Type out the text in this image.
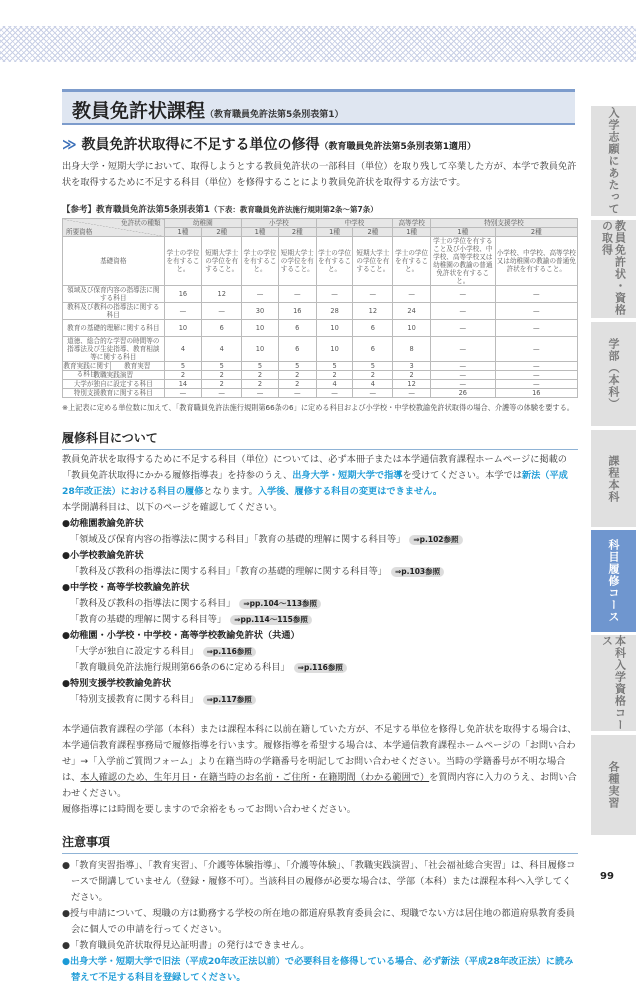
教員免許状課程（教育職員免許法第5条別表第1）
≫ 教員免許状取得に不足する単位の修得（教育職員免許法第5条別表第1適用）
出身大学・短期大学において、取得しようとする教員免許状の一部科目（単位）を取り残して卒業した方が、本学で教員免許状を取得するために不足する科目（単位）を修得することにより教員免許状を取得する方法です。
【参考】教育職員免許法第5条別表第1（下表：教育職員免許法施行規則第2条〜第7条）
免許状の種類
所要資格	幼稚園		小学校		中学校		高等学校	特別支援学校	
	1種	2種	1種	2種	1種	2種	1種	1種	2種
基礎資格	学士の学位を有すること。	短期大学士の学位を有すること。	学士の学位を有すること。	短期大学士の学位を有すること。	学士の学位を有すること。	短期大学士の学位を有すること。	学士の学位を有すること。	学士の学位を有すること及び小学校、中学校、高等学校又は幼稚園の教諭の普通免許状を有すること。	小学校、中学校、高等学校又は幼稚園の教諭の普通免許状を有すること。
領域及び保育内容の指導法に関する科目	16	12	—	—	—	—	—	—	—
教科及び教科の指導法に関する科目	—	—	30	16	28	12	24	—	—
教育の基礎的理解に関する科目	10	6	10	6	10	6	10	—	—
道徳、総合的な学習の時間等の指導法及び生徒指導、教育相談等に関する科目	4	4	10	6	10	6	8	—	—

教育実践に関する科目
教育実習	5	5	5	5	5	5	3	—	—
教職実践演習	2	2	2	2	2	2	2	—	—
大学が独自に設定する科目	14	2	2	2	4	4	12	—	—
特別支援教育に関する科目	—	—	—	—	—	—	—	26	16
※上記表に定める単位数に加えて、「教育職員免許法施行規則第66条の6」に定める科目および小学校・中学校教諭免許状取得の場合、介護等の体験を要する。
履修科目について
教員免許状を取得するために不足する科目（単位）については、必ず本冊子または本学通信教育課程ホームページに掲載の「教員免許状取得にかかる履修指導表」を持参のうえ、出身大学・短期大学で指導を受けてください。本学では新法（平成28年改正法）における科目の履修となります。入学後、履修する科目の変更はできません。
本学開講科目は、以下のページを確認してください。
●幼稚園教諭免許状
「領域及び保育内容の指導法に関する科目」「教育の基礎的理解に関する科目等」 ⇒p.102参照
●小学校教諭免許状
「教科及び教科の指導法に関する科目」「教育の基礎的理解に関する科目等」 ⇒p.103参照
●中学校・高等学校教諭免許状
「教科及び教科の指導法に関する科目」 ⇒pp.104〜113参照
「教育の基礎的理解に関する科目等」 ⇒pp.114〜115参照
●幼稚園・小学校・中学校・高等学校教諭免許状（共通）
「大学が独自に設定する科目」 ⇒p.116参照
「教育職員免許法施行規則第66条の6に定める科目」 ⇒p.116参照
●特別支援学校教諭免許状
「特別支援教育に関する科目」 ⇒p.117参照
本学通信教育課程の学部（本科）または課程本科に以前在籍していた方が、不足する単位を修得し免許状を取得する場合は、本学通信教育課程事務局で履修指導を行います。履修指導を希望する場合は、本学通信教育課程ホームページの「お問い合わせ」→「入学前ご質問フォーム」より在籍当時の学籍番号を明記してお問い合わせください。当時の学籍番号が不明な場合は、本人確認のため、生年月日・在籍当時のお名前・ご住所・在籍期間（わかる範囲で）を質問内容に入力のうえ、お問い合わせください。
履修指導には時間を要しますので余裕をもってお問い合わせください。
注意事項
●「教育実習指導」、「教育実習」、「介護等体験指導」、「介護等体験」、「教職実践演習」、「社会福祉総合実習」は、科目履修コースで開講していません（登録・履修不可）。当該科目の履修が必要な場合は、学部（本科）または課程本科へ入学してください。
●授与申請について、現職の方は勤務する学校の所在地の都道府県教育委員会に、現職でない方は居住地の都道府県教育委員会に個人での申請を行ってください。
●「教育職員免許状取得見込証明書」の発行はできません。
●出身大学・短期大学で旧法（平成20年改正法以前）で必要科目を修得している場合、必ず新法（平成28年改正法）に読み替えて不足する科目を登録してください。
入学志願にあたって
教員免許状・資格の取得
学部（本科）
課程本科
科目履修コース
本科入学資格コース
各種実習
99
